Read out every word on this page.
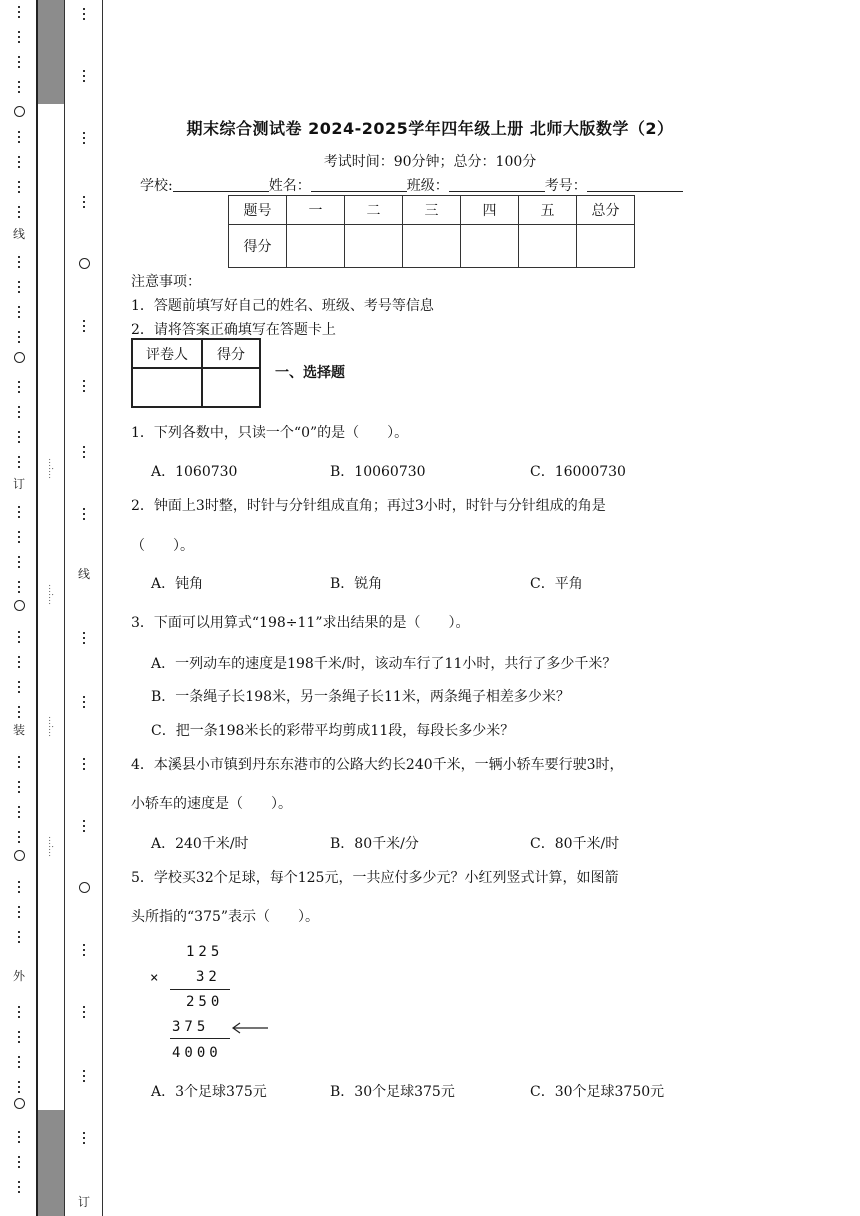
线
订
装
外
线
订
…:…
…:…
…:…
…:…
期末综合测试卷 2024-2025学年四年级上册 北师大版数学（2）
考试时间：90分钟；总分：100分
学校:	姓名：	班级：	考号：
题号	一	二	三	四	五	总分
得分						
注意事项：
1．答题前填写好自己的姓名、班级、考号等信息
2．请将答案正确填写在答题卡上
评卷人	得分

一、选择题
1．下列各数中，只读一个“0”的是（　　）。
A．1060730	B．10060730	C．16000730
2．钟面上3时整，时针与分针组成直角；再过3小时，时针与分针组成的角是
（　　）。
A．钝角	B．锐角	C．平角
3．下面可以用算式“198÷11”求出结果的是（　　）。
A．一列动车的速度是198千米/时，该动车行了11小时，共行了多少千米？
B．一条绳子长198米，另一条绳子长11米，两条绳子相差多少米？
C．把一条198米长的彩带平均剪成11段，每段长多少米？
4．本溪县小市镇到丹东东港市的公路大约长240千米，一辆小轿车要行驶3时，
小轿车的速度是（　　）。
A．240千米/时	B．80千米/分	C．80千米/时
5．学校买32个足球，每个125元，一共应付多少元？小红列竖式计算，如图箭
头所指的“375”表示（　　）。
125
× 32
250
375
4000
A．3个足球375元	B．30个足球375元	C．30个足球3750元
